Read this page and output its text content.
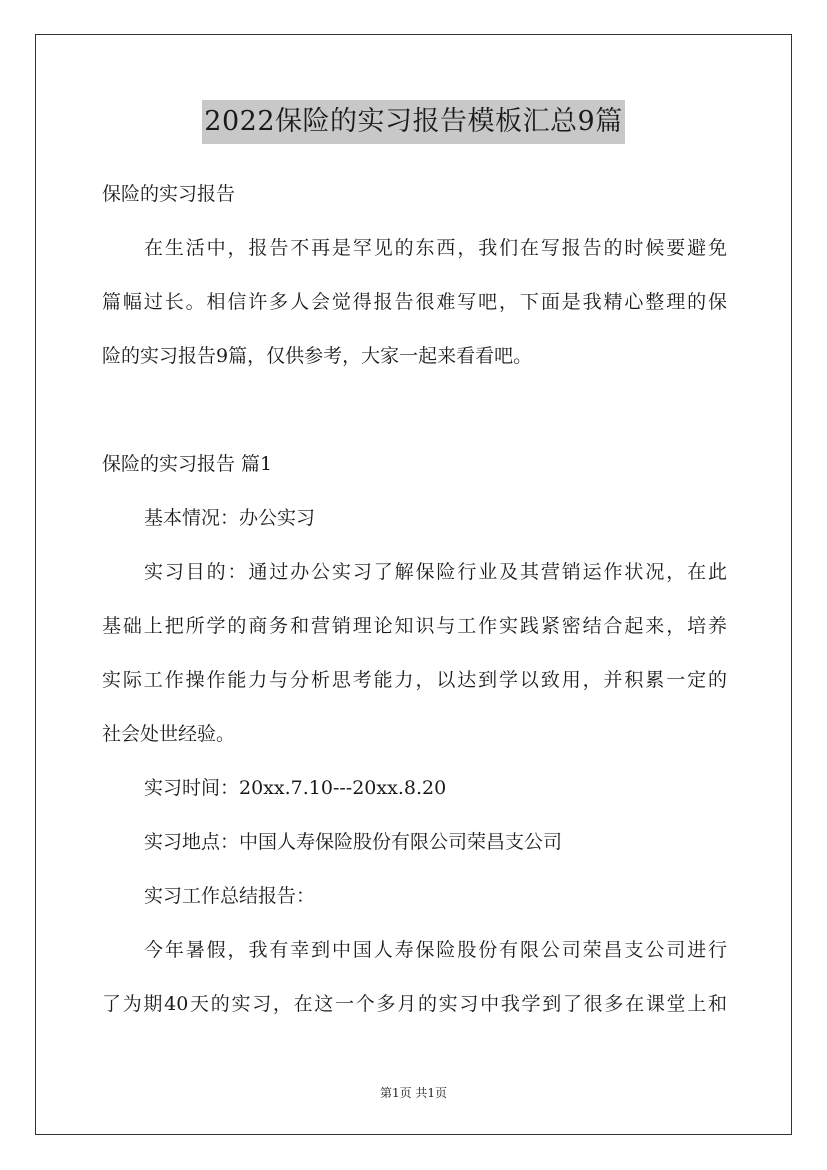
2022保险的实习报告模板汇总9篇
保险的实习报告
在生活中，报告不再是罕见的东西，我们在写报告的时候要避免
篇幅过长。相信许多人会觉得报告很难写吧，下面是我精心整理的保
险的实习报告9篇，仅供参考，大家一起来看看吧。
保险的实习报告 篇1
基本情况：办公实习
实习目的：通过办公实习了解保险行业及其营销运作状况，在此
基础上把所学的商务和营销理论知识与工作实践紧密结合起来，培养
实际工作操作能力与分析思考能力，以达到学以致用，并积累一定的
社会处世经验。
实习时间：20xx.7.10---20xx.8.20
实习地点：中国人寿保险股份有限公司荣昌支公司
实习工作总结报告：
今年暑假，我有幸到中国人寿保险股份有限公司荣昌支公司进行
了为期40天的实习，在这一个多月的实习中我学到了很多在课堂上和
第1页 共1页
